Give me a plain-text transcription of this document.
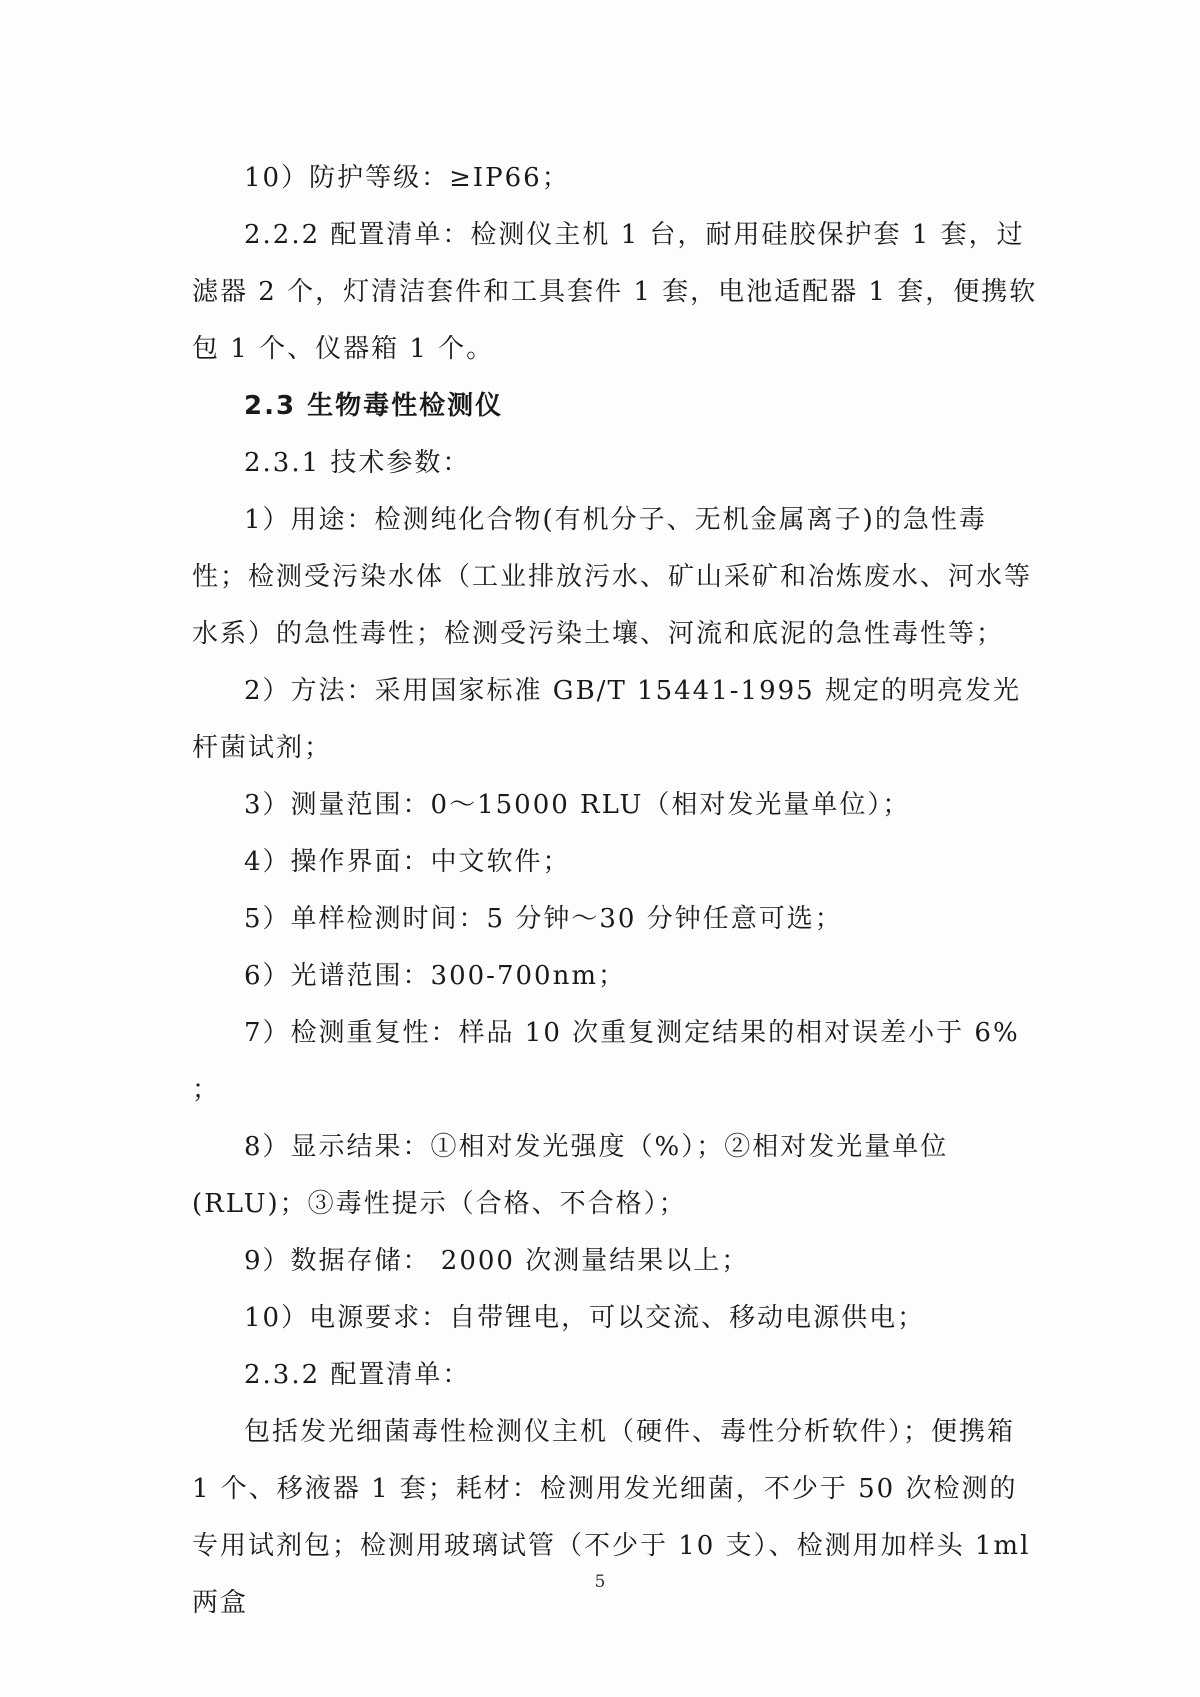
10）防护等级：≥IP66；

2.2.2 配置清单：检测仪主机 1 台，耐用硅胶保护套 1 套，过滤器 2 个，灯清洁套件和工具套件 1 套，电池适配器 1 套，便携软包 1 个、仪器箱 1 个。

2.3 生物毒性检测仪

2.3.1 技术参数：

1）用途：检测纯化合物(有机分子、无机金属离子)的急性毒性；检测受污染水体（工业排放污水、矿山采矿和冶炼废水、河水等水系）的急性毒性；检测受污染土壤、河流和底泥的急性毒性等；

2）方法：采用国家标准 GB/T 15441-1995 规定的明亮发光杆菌试剂；

3）测量范围：0～15000 RLU（相对发光量单位）；

4）操作界面：中文软件；

5）单样检测时间：5 分钟～30 分钟任意可选；

6）光谱范围：300-700nm；

7）检测重复性：样品 10 次重复测定结果的相对误差小于 6% ；

8）显示结果：①相对发光强度（%）；②相对发光量单位(RLU)；③毒性提示（合格、不合格）；

9）数据存储： 2000 次测量结果以上；

10）电源要求：自带锂电，可以交流、移动电源供电；

2.3.2 配置清单：

包括发光细菌毒性检测仪主机（硬件、毒性分析软件）；便携箱 1 个、移液器 1 套；耗材：检测用发光细菌，不少于 50 次检测的专用试剂包；检测用玻璃试管（不少于 10 支）、检测用加样头 1ml 两盒

5
